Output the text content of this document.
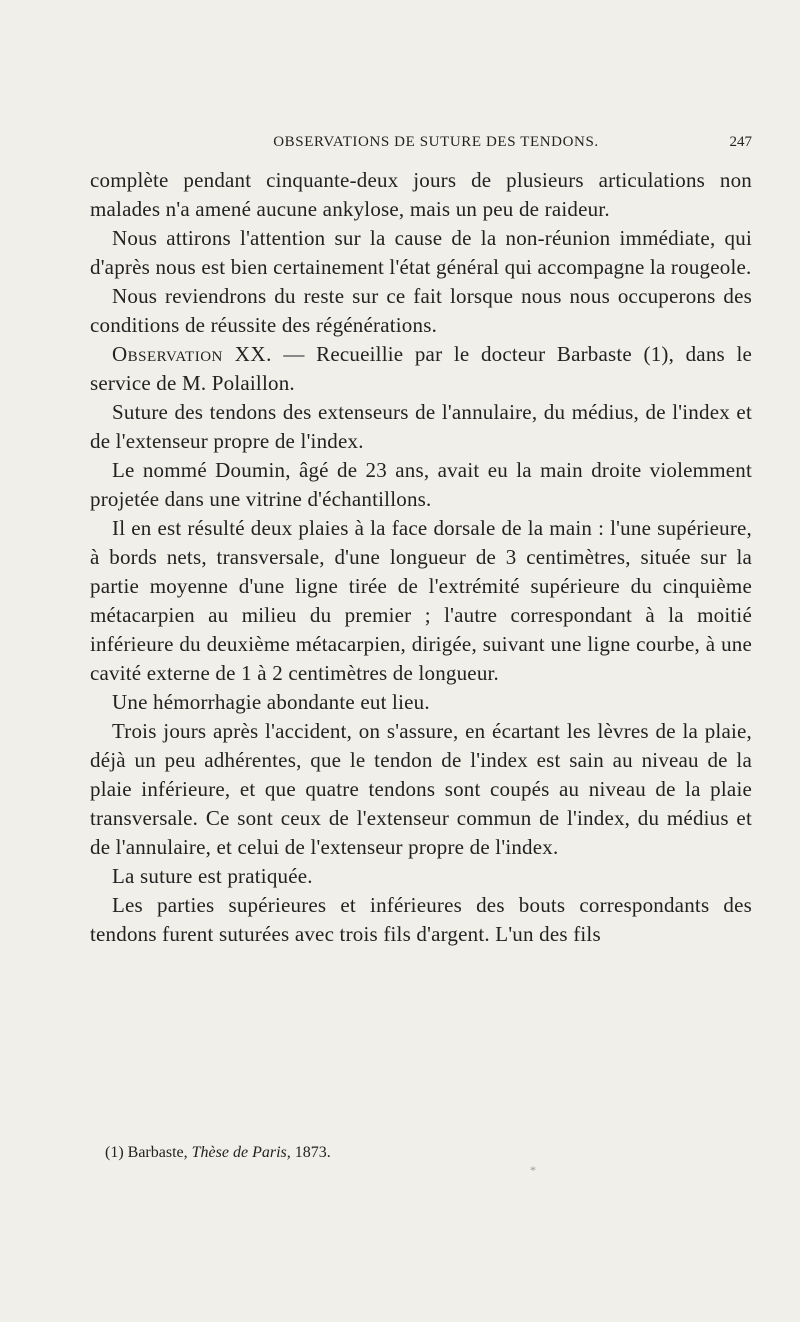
OBSERVATIONS DE SUTURE DES TENDONS.	247

complète pendant cinquante-deux jours de plusieurs articulations non malades n'a amené aucune ankylose, mais un peu de raideur.

Nous attirons l'attention sur la cause de la non-réunion immédiate, qui d'après nous est bien certainement l'état général qui accompagne la rougeole.

Nous reviendrons du reste sur ce fait lorsque nous nous occuperons des conditions de réussite des régénérations.

Observation XX. — Recueillie par le docteur Barbaste (1), dans le service de M. Polaillon.

Suture des tendons des extenseurs de l'annulaire, du médius, de l'index et de l'extenseur propre de l'index.

Le nommé Doumin, âgé de 23 ans, avait eu la main droite violemment projetée dans une vitrine d'échantillons.

Il en est résulté deux plaies à la face dorsale de la main : l'une supérieure, à bords nets, transversale, d'une longueur de 3 centimètres, située sur la partie moyenne d'une ligne tirée de l'extrémité supérieure du cinquième métacarpien au milieu du premier ; l'autre correspondant à la moitié inférieure du deuxième métacarpien, dirigée, suivant une ligne courbe, à une cavité externe de 1 à 2 centimètres de longueur.

Une hémorrhagie abondante eut lieu.

Trois jours après l'accident, on s'assure, en écartant les lèvres de la plaie, déjà un peu adhérentes, que le tendon de l'index est sain au niveau de la plaie inférieure, et que quatre tendons sont coupés au niveau de la plaie transversale. Ce sont ceux de l'extenseur commun de l'index, du médius et de l'annulaire, et celui de l'extenseur propre de l'index.

La suture est pratiquée.

Les parties supérieures et inférieures des bouts correspondants des tendons furent suturées avec trois fils d'argent. L'un des fils

(1) Barbaste, Thèse de Paris, 1873.
*
